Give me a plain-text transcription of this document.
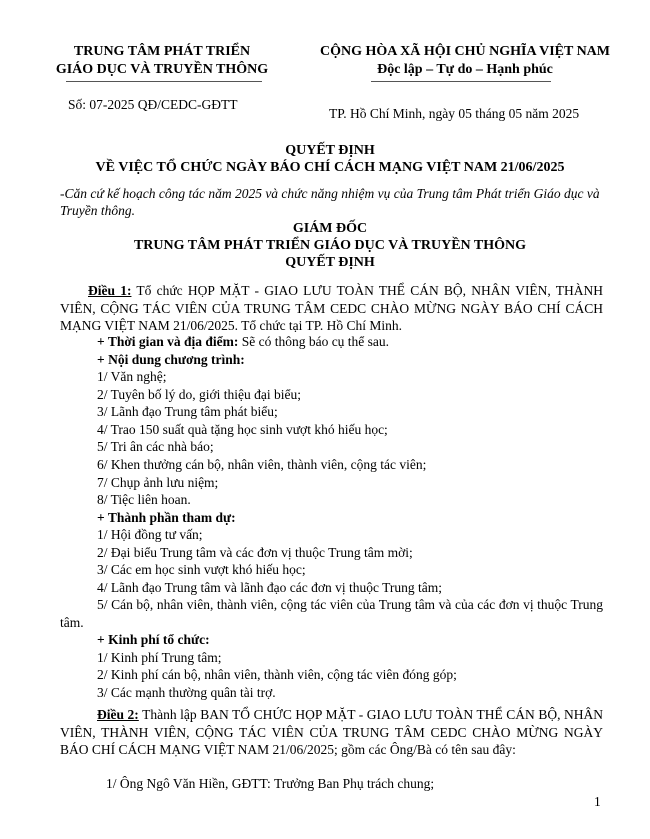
TRUNG TÂM PHÁT TRIỂN
GIÁO DỤC VÀ TRUYỀN THÔNG
Số: 07-2025 QĐ/CEDC-GĐTT
CỘNG HÒA XÃ HỘI CHỦ NGHĨA VIỆT NAM
Độc lập – Tự do – Hạnh phúc
TP. Hồ Chí Minh, ngày 05 tháng 05 năm 2025
QUYẾT ĐỊNH
VỀ VIỆC TỔ CHỨC NGÀY BÁO CHÍ CÁCH MẠNG VIỆT NAM 21/06/2025
-Căn cứ kế hoạch công tác năm 2025 và chức năng nhiệm vụ của Trung tâm Phát triển Giáo dục và Truyền thông.
GIÁM ĐỐC
TRUNG TÂM PHÁT TRIỂN GIÁO DỤC VÀ TRUYỀN THÔNG
QUYẾT ĐỊNH
Điều 1: Tổ chức HỌP MẶT - GIAO LƯU TOÀN THỂ CÁN BỘ, NHÂN VIÊN, THÀNH VIÊN, CỘNG TÁC VIÊN CỦA TRUNG TÂM CEDC CHÀO MỪNG NGÀY BÁO CHÍ CÁCH MẠNG VIỆT NAM 21/06/2025. Tổ chức tại TP. Hồ Chí Minh.
+ Thời gian và địa điểm: Sẽ có thông báo cụ thể sau.
+ Nội dung chương trình:
1/ Văn nghệ;
2/ Tuyên bố lý do, giới thiệu đại biểu;
3/ Lãnh đạo Trung tâm phát biểu;
4/ Trao 150 suất quà tặng học sinh vượt khó hiếu học;
5/ Tri ân các nhà báo;
6/ Khen thưởng cán bộ, nhân viên, thành viên, cộng tác viên;
7/ Chụp ảnh lưu niệm;
8/ Tiệc liên hoan.
+ Thành phần tham dự:
1/ Hội đồng tư vấn;
2/ Đại biểu Trung tâm và các đơn vị thuộc Trung tâm mời;
3/ Các em học sinh vượt khó hiếu học;
4/ Lãnh đạo Trung tâm và lãnh đạo các đơn vị thuộc Trung tâm;
5/ Cán bộ, nhân viên, thành viên, cộng tác viên của Trung tâm và của các đơn vị thuộc Trung tâm.
+ Kinh phí tổ chức:
1/ Kinh phí Trung tâm;
2/ Kinh phí cán bộ, nhân viên, thành viên, cộng tác viên đóng góp;
3/ Các mạnh thường quân tài trợ.
Điều 2: Thành lập BAN TỔ CHỨC HỌP MẶT - GIAO LƯU TOÀN THỂ CÁN BỘ, NHÂN VIÊN, THÀNH VIÊN, CỘNG TÁC VIÊN CỦA TRUNG TÂM CEDC CHÀO MỪNG NGÀY BÁO CHÍ CÁCH MẠNG VIỆT NAM 21/06/2025; gồm các Ông/Bà có tên sau đây:
1/ Ông Ngô Văn Hiền, GĐTT: Trưởng Ban Phụ trách chung;
1
